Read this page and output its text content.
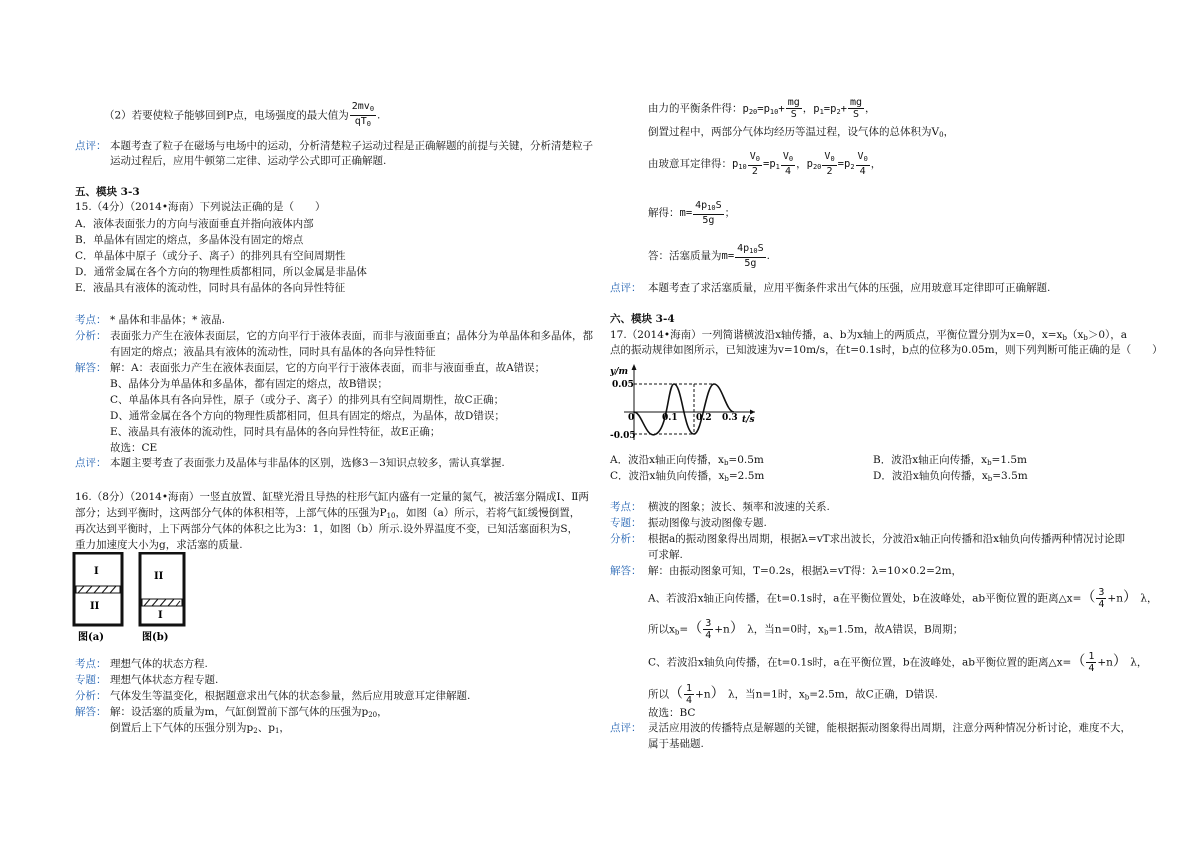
（2）若要使粒子能够回到P点，电场强度的最大值为 $\frac{2mv_0}{qT_0}$ .
点评： 本题考查了粒子在磁场与电场中的运动，分析清楚粒子运动过程是正确解题的前提与关键，分析清楚粒子
运动过程后，应用牛顿第二定律、运动学公式即可正确解题.
五、模块 3-3
15.（4分）（2014•海南）下列说法正确的是（　　）
A．液体表面张力的方向与液面垂直并指向液体内部
B．单晶体有固定的熔点，多晶体没有固定的熔点
C．单晶体中原子（或分子、离子）的排列具有空间周期性
D．通常金属在各个方向的物理性质都相同，所以金属是非晶体
E．液晶具有液体的流动性，同时具有晶体的各向异性特征
考点： * 晶体和非晶体；* 液晶.
分析： 表面张力产生在液体表面层，它的方向平行于液体表面，而非与液面垂直；晶体分为单晶体和多晶体，都
有固定的熔点；液晶具有液体的流动性，同时具有晶体的各向异性特征
解答： 解：A：表面张力产生在液体表面层，它的方向平行于液体表面，而非与液面垂直，故A错误；
B、晶体分为单晶体和多晶体，都有固定的熔点，故B错误；
C、单晶体具有各向异性，原子（或分子、离子）的排列具有空间周期性，故C正确；
D、通常金属在各个方向的物理性质都相同，但具有固定的熔点，为晶体，故D错误；
E、液晶具有液体的流动性，同时具有晶体的各向异性特征，故E正确；
故选：CE
点评： 本题主要考查了表面张力及晶体与非晶体的区别，选修3－3知识点较多，需认真掌握.
16.（8分）（2014•海南）一竖直放置、缸壁光滑且导热的柱形气缸内盛有一定量的氮气，被活塞分隔成Ⅰ、Ⅱ两
部分；达到平衡时，这两部分气体的体积相等，上部气体的压强为$P_{10}$，如图（a）所示，若将气缸缓慢倒置，
再次达到平衡时，上下两部分气体的体积之比为3：1，如图（b）所示.设外界温度不变，已知活塞面积为S，
重力加速度大小为g，求活塞的质量.
I
II
图(a)
II
I
图(b)
考点： 理想气体的状态方程.
专题： 理想气体状态方程专题.
分析： 气体发生等温变化，根据题意求出气体的状态参量，然后应用玻意耳定律解题.
解答： 解：设活塞的质量为m，气缸倒置前下部气体的压强为$p_{20}$，
倒置后上下气体的压强分别为$p_2$、$p_1$，
由力的平衡条件得：$p_{20}=p_{10}+ \frac{mg}{S}$ ，$p_1=p_2+ \frac{mg}{S}$ ，
倒置过程中，两部分气体均经历等温过程，设气体的总体积为$V_0$，
由玻意耳定律得：$p_{10} \frac{V_0}{2} =p_1 \frac{V_0}{4}$ ，$p_{20} \frac{V_0}{2} =p_2 \frac{V_0}{4}$ ，
解得：$m= \frac{4p_{10}S}{5g}$ ；
答：活塞质量为$m= \frac{4p_{10}S}{5g}$ .
点评： 本题考查了求活塞质量，应用平衡条件求出气体的压强，应用玻意耳定律即可正确解题.
六、模块 3-4
17.（2014•海南）一列简谐横波沿x轴传播，a、b为x轴上的两质点，平衡位置分别为x=0，$x=x_b(x_b>0)$，a
点的振动规律如图所示，已知波速为v=10m/s，在t=0.1s时，b点的位移为0.05m，则下列判断可能正确的是（　　）
y/m
t/s
0.05
-0.05
0	0.1 0.2 0.3
A．波沿x轴正向传播，$x_b=0.5m$	B．波沿x轴正向传播，$x_b=1.5m$
C．波沿x轴负向传播，$x_b=2.5m$	D．波沿x轴负向传播，$x_b=3.5m$
考点： 横波的图象；波长、频率和波速的关系.
专题： 振动图像与波动图像专题.
分析： 根据a的振动图象得出周期，根据λ=vT求出波长，分波沿x轴正向传播和沿x轴负向传播两种情况讨论即
可求解.
解答： 解：由振动图象可知，T=0.2s，根据λ=vT得：λ=10×0.2=2m，
A、若波沿x轴正向传播，在t=0.1s时，a在平衡位置处，b在波峰处，ab平衡位置的距离△x=（ $\frac{3}{4} +n$） λ，
所以$x_b=( \frac{3}{4} +n)$ λ，当n=0时，$x_b=1.5m$，故A错误，B周期；
C、若波沿x轴负向传播，在t=0.1s时，a在平衡位置，b在波峰处，ab平衡位置的距离△x=（ $\frac{1}{4} +n$） λ，
所以（ $\frac{1}{4} +n$） λ，当n=1时，$x_b=2.5m$，故C正确，D错误.
故选：BC
点评： 灵活应用波的传播特点是解题的关键，能根据振动图象得出周期，注意分两种情况分析讨论，难度不大，
属于基础题.
